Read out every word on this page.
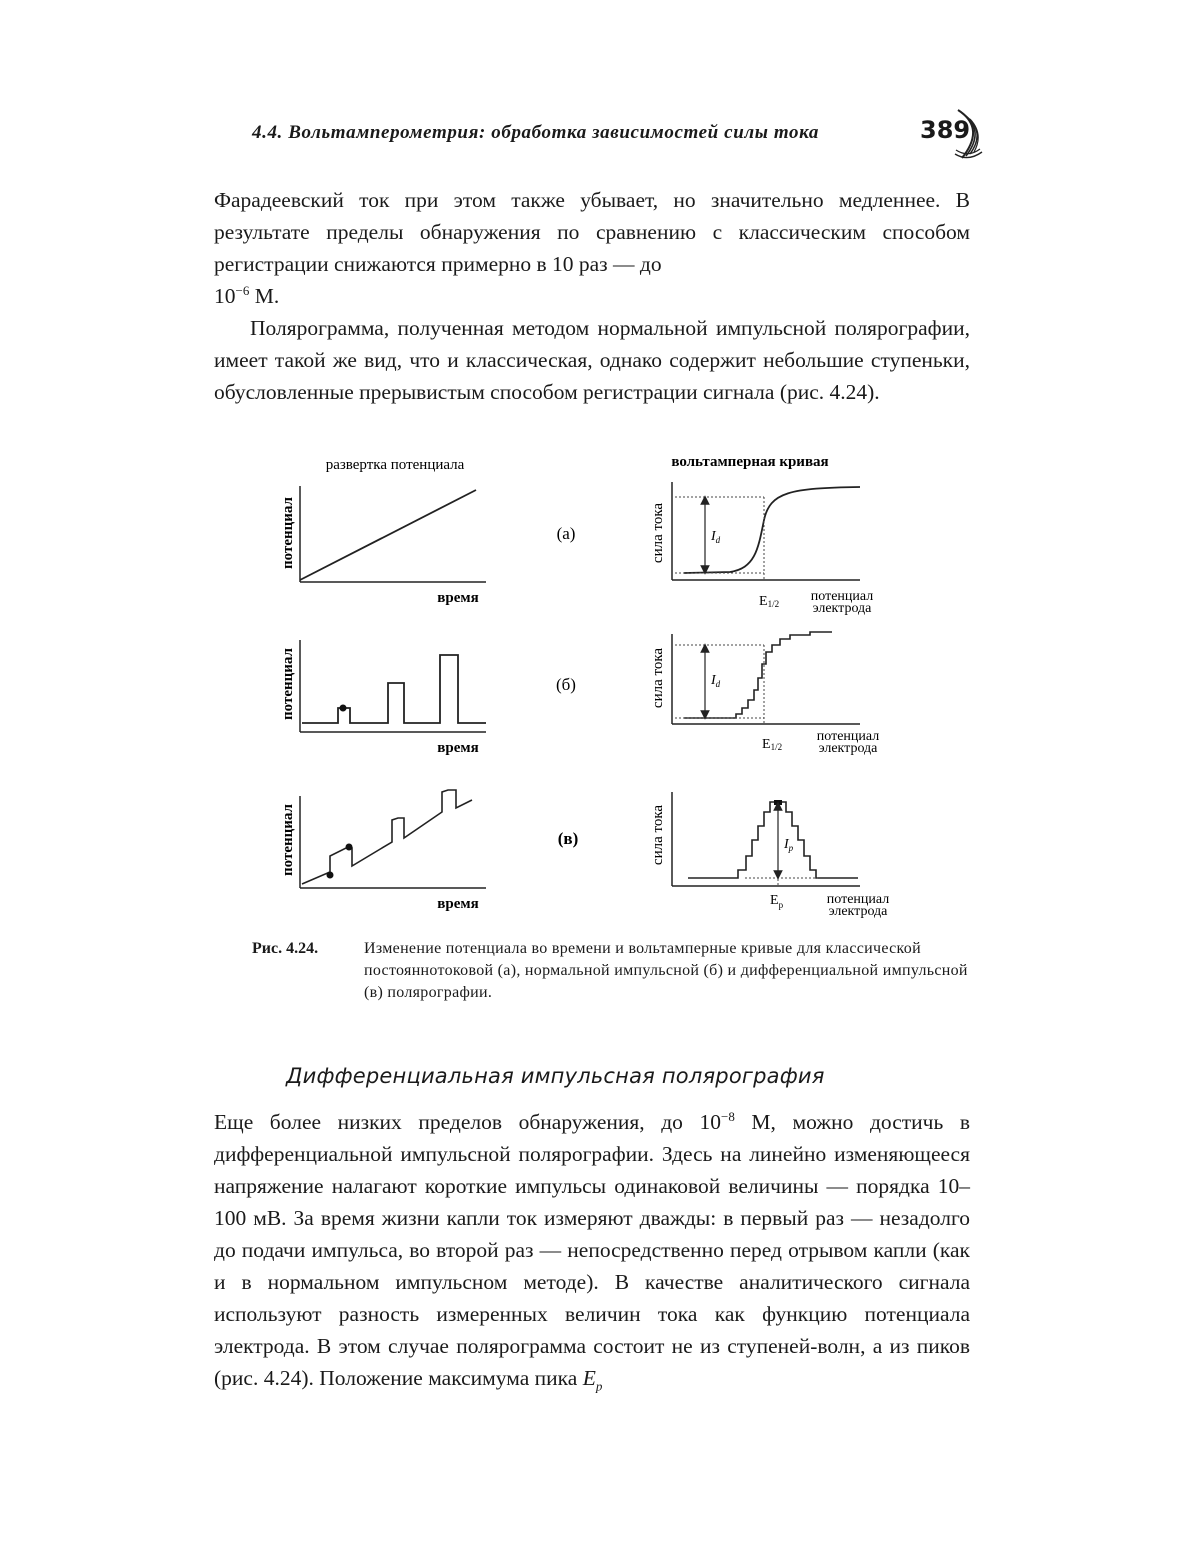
4.4. Вольтамперометрия: обработка зависимостей силы тока	389

Фарадеевский ток при этом также убывает, но значительно медленнее. В результате пределы обнаружения по сравнению с классическим способом регистрации снижаются примерно в 10 раз — до
$10^{-6}$ М.

Полярограмма, полученная методом нормальной импульсной полярографии, имеет такой же вид, что и классическая, однако содержит небольшие ступеньки, обусловленные прерывистым способом регистрации сигнала (рис. 4.24).

развертка потенциала	вольтамперная кривая
потенциал
время
(а)	сила тока	$I_d$
E1/2 потенциал
электрода
потенциал
время
(б)	сила тока	$I_d$
E1/2
потенциал
электрода
потенциал
время
(в)	сила тока	$I_p$
$E_p$	потенциал
электрода
Рис. 4.24.	Изменение потенциала во времени и вольтамперные кривые для классической постояннотоковой (а), нормальной импульсной (б) и дифференциальной импульсной (в) полярографии.
Дифференциальная импульсная полярография

Еще более низких пределов обнаружения, до $10^{-8}$ М, можно достичь в дифференциальной импульсной полярографии. Здесь на линейно изменяющееся напряжение налагают короткие импульсы одинаковой величины — порядка 10–100 мВ. За время жизни капли ток измеряют дважды: в первый раз — незадолго до подачи импульса, во второй раз — непосредственно перед отрывом капли (как и в нормальном импульсном методе). В качестве аналитического сигнала используют разность измеренных величин тока как функцию потенциала электрода. В этом случае полярограмма состоит не из ступеней-волн, а из пиков (рис. 4.24). Положение максимума пика $E_p$
